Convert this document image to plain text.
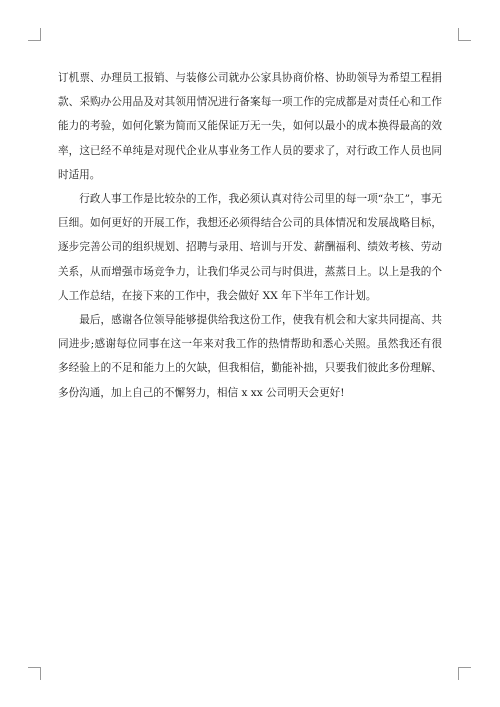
订机票、办理员工报销、与装修公司就办公家具协商价格、协助领导为希望工程捐款、采购办公用品及对其领用情况进行备案每一项工作的完成都是对责任心和工作能力的考验，如何化繁为简而又能保证万无一失，如何以最小的成本换得最高的效率，这已经不单纯是对现代企业从事业务工作人员的要求了，对行政工作人员也同时适用。

行政人事工作是比较杂的工作，我必须认真对待公司里的每一项“杂工”，事无巨细。如何更好的开展工作，我想还必须得结合公司的具体情况和发展战略目标，逐步完善公司的组织规划、招聘与录用、培训与开发、薪酬福利、绩效考核、劳动关系，从而增强市场竞争力，让我们华灵公司与时俱进，蒸蒸日上。以上是我的个人工作总结，在接下来的工作中，我会做好 XX 年下半年工作计划。

最后，感谢各位领导能够提供给我这份工作，使我有机会和大家共同提高、共同进步;感谢每位同事在这一年来对我工作的热情帮助和悉心关照。虽然我还有很多经验上的不足和能力上的欠缺，但我相信，勤能补拙，只要我们彼此多份理解、多份沟通，加上自己的不懈努力，相信 x xx 公司明天会更好!
